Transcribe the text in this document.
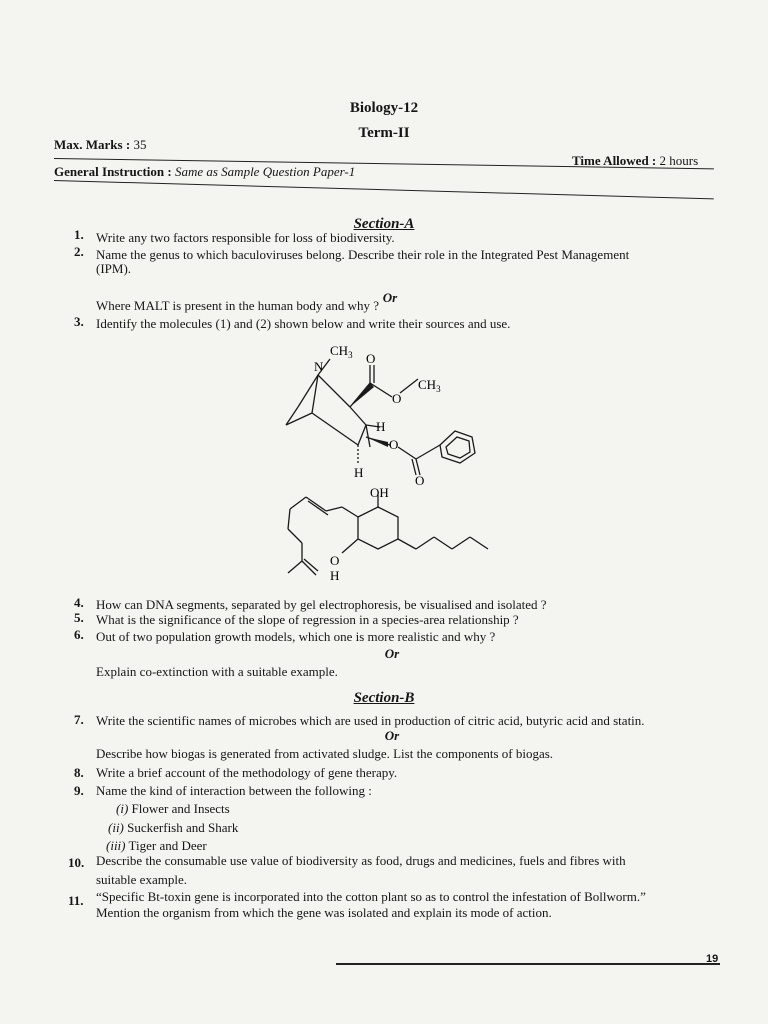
Biology-12
Term-II
Max. Marks : 35
Time Allowed : 2 hours
General Instruction : Same as Sample Question Paper-1
Section-A
1. Write any two factors responsible for loss of biodiversity.
2. Name the genus to which baculoviruses belong. Describe their role in the Integrated Pest Management
(IPM).
Or
Where MALT is present in the human body and why ?
3. Identify the molecules (1) and (2) shown below and write their sources and use.
$CH_3$
N
O
O
$CH_3$
H
O
O
H
OH
O
H
4. How can DNA segments, separated by gel electrophoresis, be visualised and isolated ?
5. What is the significance of the slope of regression in a species-area relationship ?
6. Out of two population growth models, which one is more realistic and why ?
Or
Explain co-extinction with a suitable example.
Section-B
7. Write the scientific names of microbes which are used in production of citric acid, butyric acid and statin.
Or
Describe how biogas is generated from activated sludge. List the components of biogas.
8. Write a brief account of the methodology of gene therapy.
9. Name the kind of interaction between the following :
(i) Flower and Insects
(ii) Suckerfish and Shark
(iii) Tiger and Deer
10. Describe the consumable use value of biodiversity as food, drugs and medicines, fuels and fibres with
suitable example.
11. “Specific Bt-toxin gene is incorporated into the cotton plant so as to control the infestation of Bollworm.”
Mention the organism from which the gene was isolated and explain its mode of action.
19
